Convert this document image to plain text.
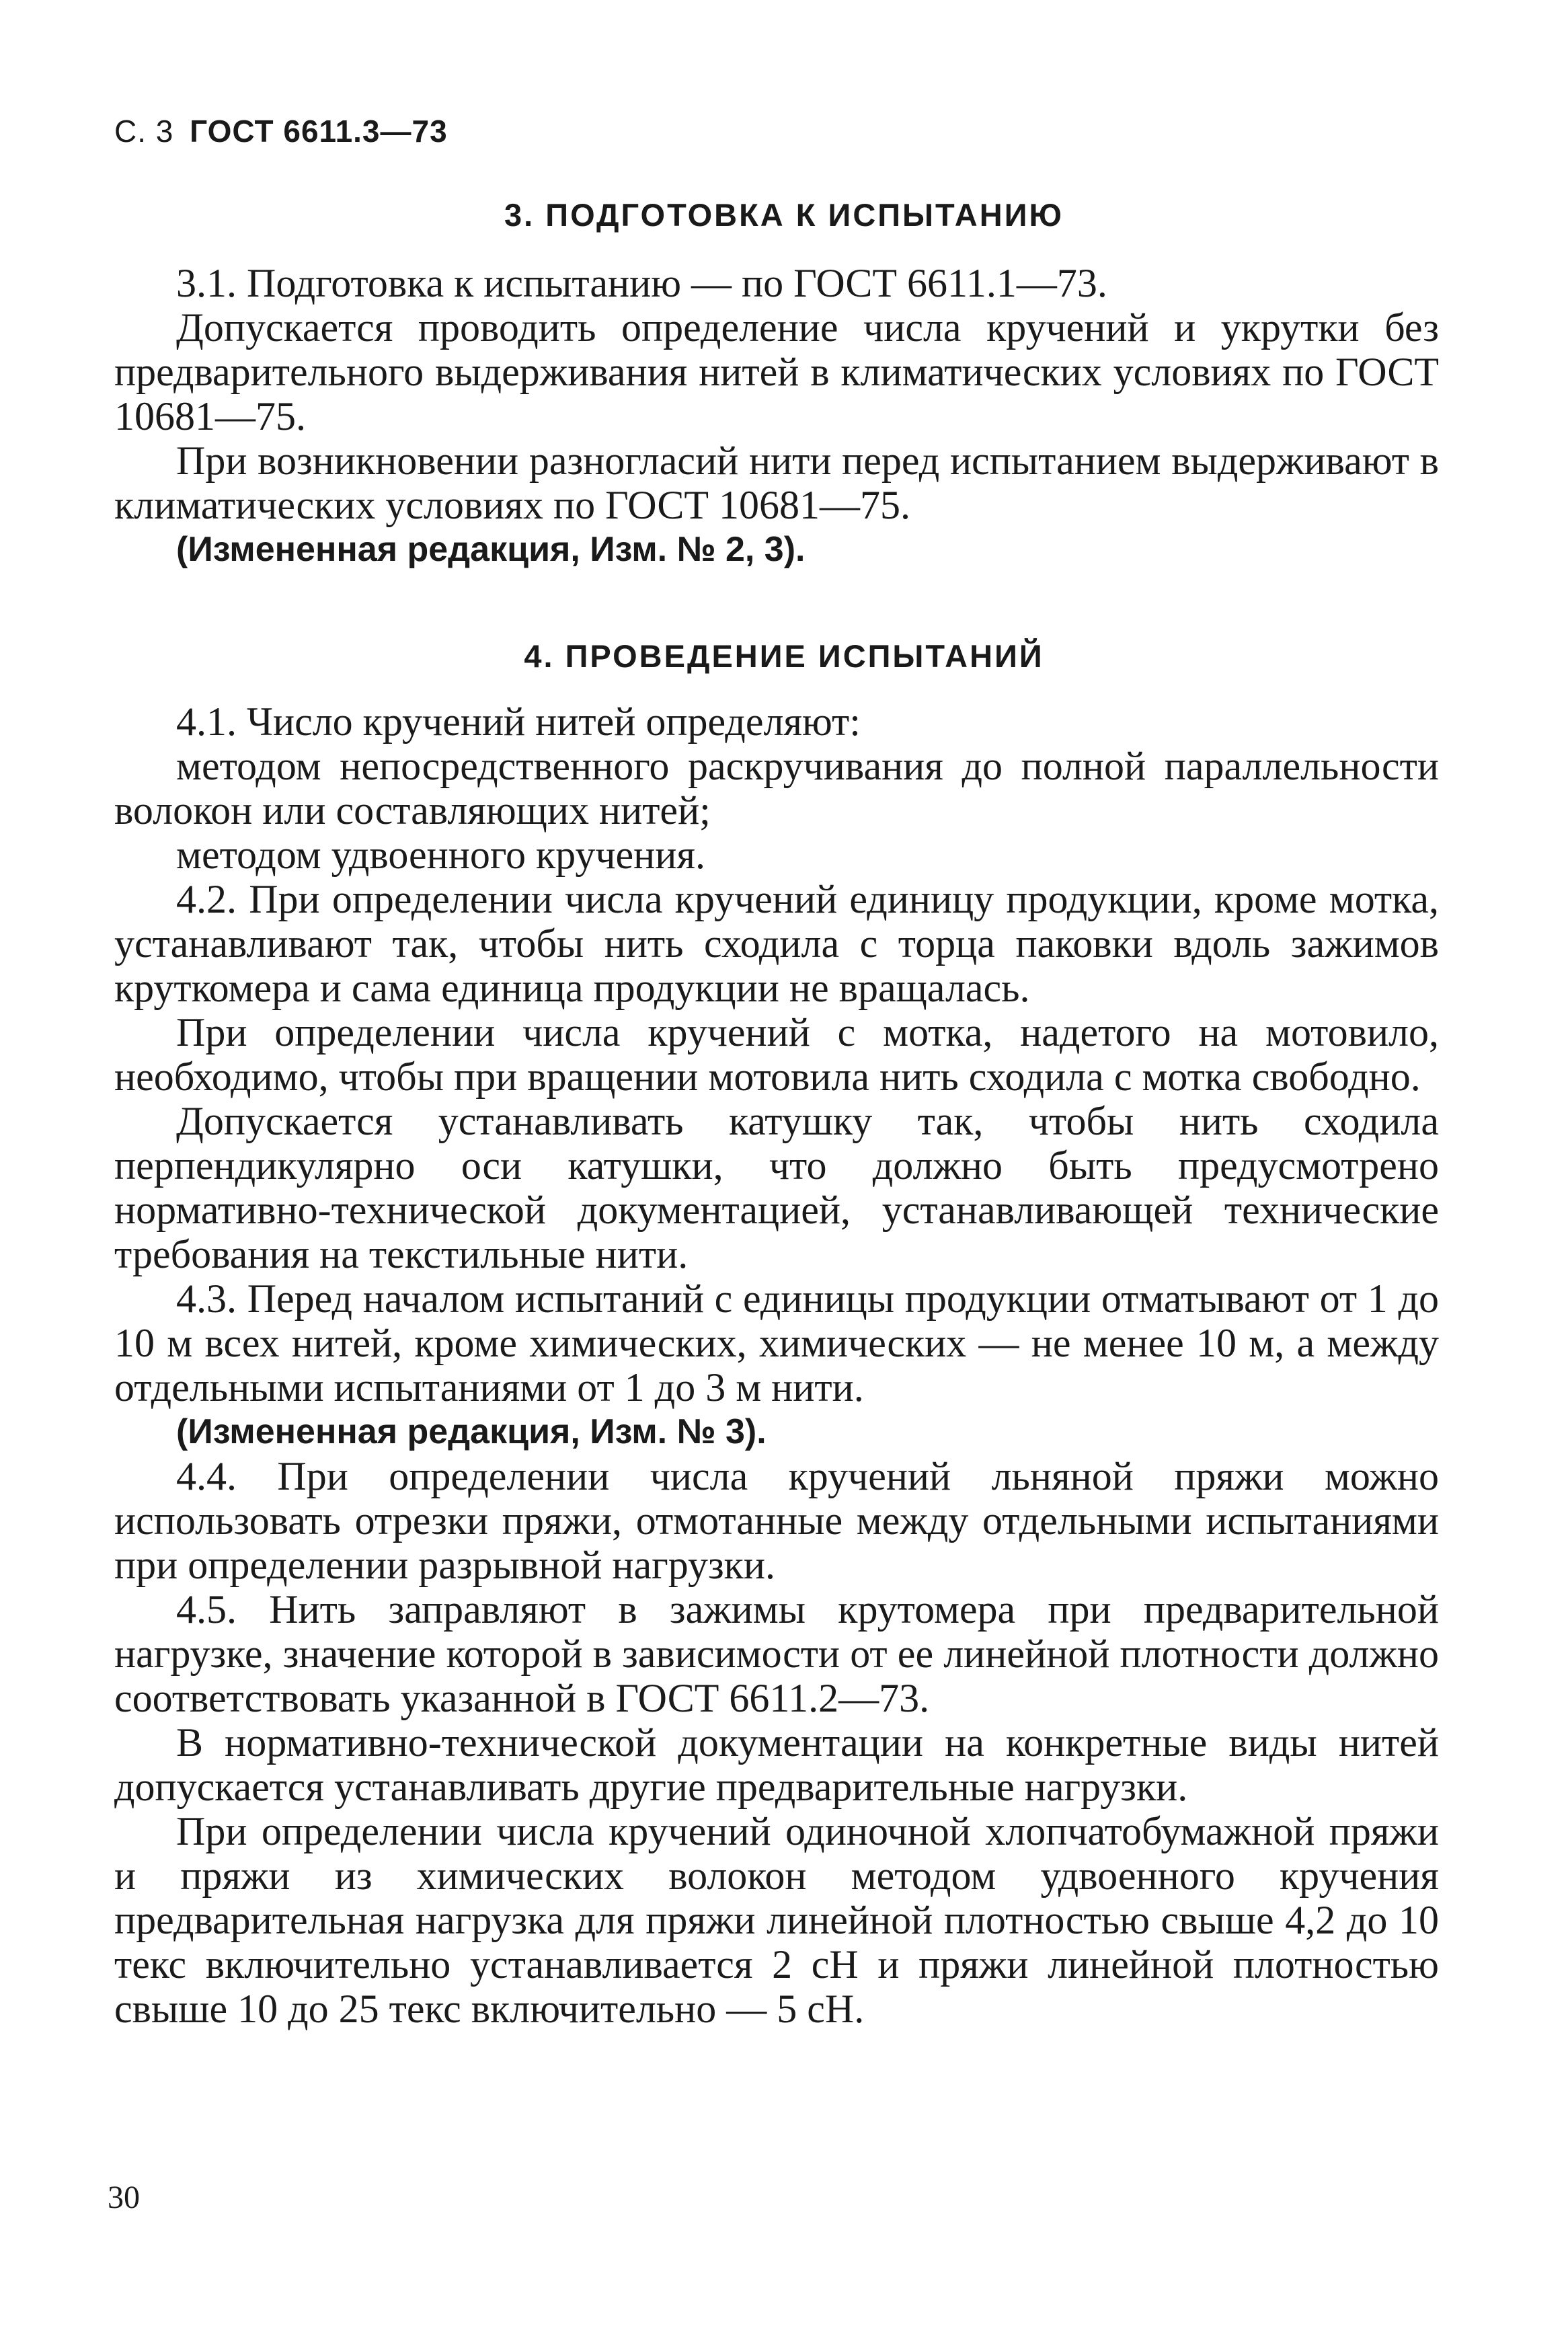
С. 3 ГОСТ 6611.3—73
3. ПОДГОТОВКА К ИСПЫТАНИЮ

3.1. Подготовка к испытанию — по ГОСТ 6611.1—73.

Допускается проводить определение числа кручений и укрутки без предварительного выдерживания нитей в климатических условиях по ГОСТ 10681—75.

При возникновении разногласий нити перед испытанием выдерживают в климатических условиях по ГОСТ 10681—75.

(Измененная редакция, Изм. № 2, 3).

4. ПРОВЕДЕНИЕ ИСПЫТАНИЙ

4.1. Число кручений нитей определяют:

методом непосредственного раскручивания до полной параллельности волокон или составляющих нитей;

методом удвоенного кручения.

4.2. При определении числа кручений единицу продукции, кроме мотка, устанавливают так, чтобы нить сходила с торца паковки вдоль зажимов круткомера и сама единица продукции не вращалась.

При определении числа кручений с мотка, надетого на мотовило, необходимо, чтобы при вращении мотовила нить сходила с мотка свободно.

Допускается устанавливать катушку так, чтобы нить сходила перпендикулярно оси катушки, что должно быть предусмотрено нормативно-технической документацией, устанавливающей технические требования на текстильные нити.

4.3. Перед началом испытаний с единицы продукции отматывают от 1 до 10 м всех нитей, кроме химических, химических — не менее 10 м, а между отдельными испытаниями от 1 до 3 м нити.

(Измененная редакция, Изм. № 3).

4.4. При определении числа кручений льняной пряжи можно использовать отрезки пряжи, отмотанные между отдельными испытаниями при определении разрывной нагрузки.

4.5. Нить заправляют в зажимы крутомера при предварительной нагрузке, значение которой в зависимости от ее линейной плотности должно соответствовать указанной в ГОСТ 6611.2—73.

В нормативно-технической документации на конкретные виды нитей допускается устанавливать другие предварительные нагрузки.

При определении числа кручений одиночной хлопчатобумажной пряжи и пряжи из химических волокон методом удвоенного кручения предварительная нагрузка для пряжи линейной плотностью свыше 4,2 до 10 текс включительно устанавливается 2 сН и пряжи линейной плотностью свыше 10 до 25 текс включительно — 5 сН.

30
